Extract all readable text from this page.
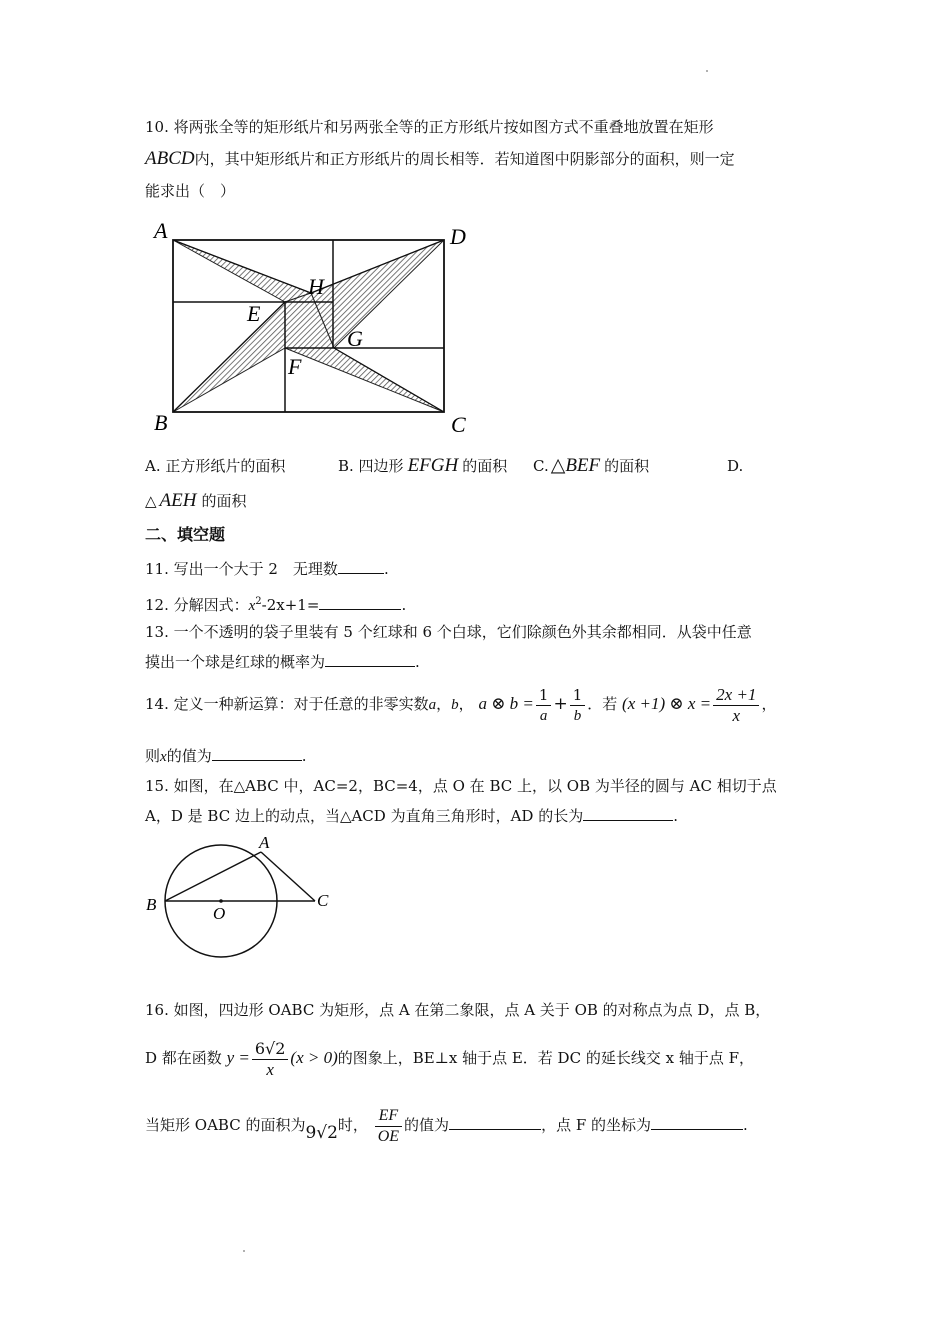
10. 将两张全等的矩形纸片和另两张全等的正方形纸片按如图方式不重叠地放置在矩形
ABCD内，其中矩形纸片和正方形纸片的周长相等．若知道图中阴影部分的面积，则一定
能求出（　）
A	D
B	C
H
E
G
F
A. 正方形纸片的面积	B. 四边形 EFGH 的面积 C. △BEF 的面积	D.
△ AEH 的面积
二、填空题
11. 写出一个大于 2　无理数	.
12. 分解因式：$x^2-2x+1=$	.
13. 一个不透明的袋子里装有 5 个红球和 6 个白球，它们除颜色外其余都相同．从袋中任意
摸出一个球是红球的概率为	.
14. 定义一种新运算：对于任意的非零实数a，b， a ⊗ $b = \frac{1}{a} + \frac{1}{b}$ ．若 (x +1) ⊗ $x = \frac{2x +1}{x}$ ，
则x的值为	.
15. 如图，在△ABC 中，AC=2，BC=4，点 O 在 BC 上，以 OB 为半径的圆与 AC 相切于点
A，D 是 BC 边上的动点，当△ACD 为直角三角形时，AD 的长为	.
A
B	C
O
16. 如图，四边形 OABC 为矩形，点 A 在第二象限，点 A 关于 OB 的对称点为点 D，点 B，
D 都在函数 $y = \frac{6√2}{x} (x > 0)$的图象上，BE⊥x 轴于点 E．若 DC 的延长线交 x 轴于点 F，
当矩形 OABC 的面积为9√2时， $\frac{EF}{OE}$ 的值为	，点 F 的坐标为	.
